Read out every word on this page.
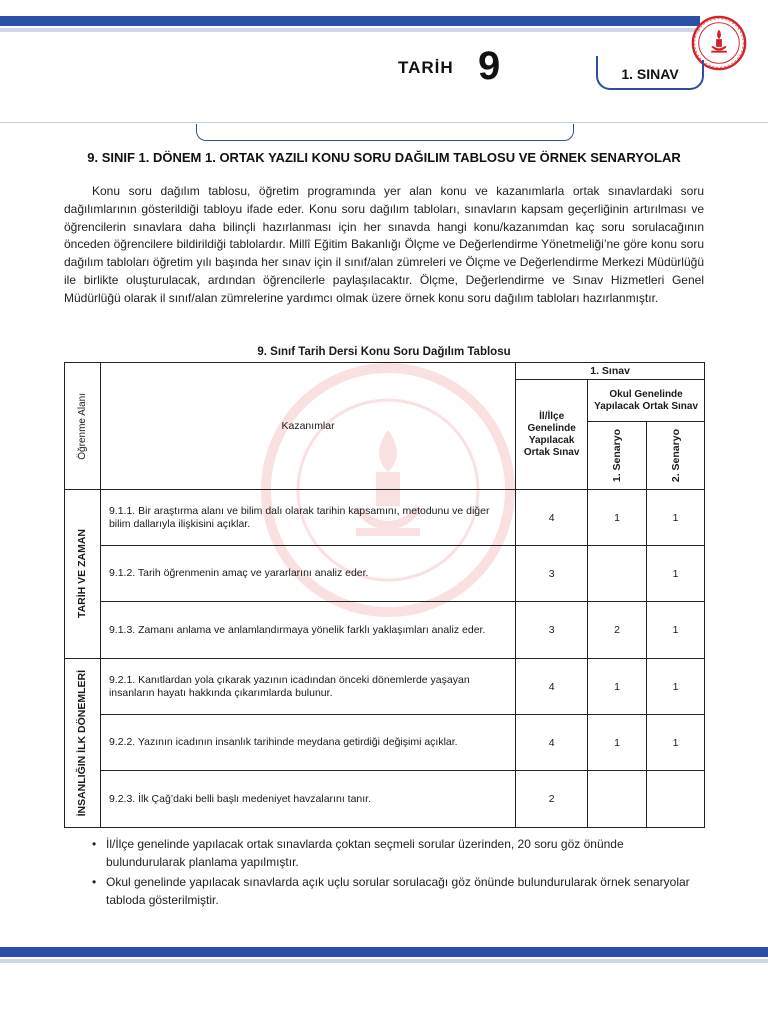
TARİH 9	1. SINAV
9. SINIF 1. DÖNEM 1. ORTAK YAZILI KONU SORU DAĞILIM TABLOSU VE ÖRNEK SENARYOLAR

Konu soru dağılım tablosu, öğretim programında yer alan konu ve kazanımlarla ortak sınavlardaki soru dağılımlarının gösterildiği tabloyu ifade eder. Konu soru dağılım tabloları, sınavların kapsam geçerliğinin artırılması ve öğrencilerin sınavlara daha bilinçli hazırlanması için her sınavda hangi konu/kazanımdan kaç soru sorulacağının önceden öğrencilere bildirildiği tablolardır. Millî Eğitim Bakanlığı Ölçme ve Değerlendirme Yönetmeliği’ne göre konu soru dağılım tabloları öğretim yılı başında her sınav için il sınıf/alan zümreleri ve Ölçme ve Değerlendirme Merkezi Müdürlüğü ile birlikte oluşturulacak, ardından öğrencilerle paylaşılacaktır. Ölçme, Değerlendirme ve Sınav Hizmetleri Genel Müdürlüğü olarak il sınıf/alan zümrelerine yardımcı olmak üzere örnek konu soru dağılım tabloları hazırlanmıştır.

9. Sınıf Tarih Dersi Konu Soru Dağılım Tablosu
Öğrenme Alanı	Kazanımlar	1. Sınav		
		İl/İlçe Genelinde Yapılacak Ortak Sınav	Okul Genelinde Yapılacak Ortak Sınav	

			1. Senaryo	2. Senaryo

TARİH VE ZAMAN	9.1.1. Bir araştırma alanı ve bilim dalı olarak tarihin kapsamını, metodunu ve diğer bilim dallarıyla ilişkisini açıklar.	4	1	1
	9.1.2. Tarih öğrenmenin amaç ve yararlarını analiz eder.	3		1
	9.1.3. Zamanı anlama ve anlamlandırmaya yönelik farklı yaklaşımları analiz eder.	3	2	1

İNSANLIĞIN İLK DÖNEMLERİ	9.2.1. Kanıtlardan yola çıkarak yazının icadından önceki dönemlerde yaşayan insanların hayatı hakkında çıkarımlarda bulunur.	4	1	1
	9.2.2. Yazının icadının insanlık tarihinde meydana getirdiği değişimi açıklar.	4	1	1
	9.2.3. İlk Çağ’daki belli başlı medeniyet havzalarını tanır.	2		
• İl/İlçe genelinde yapılacak ortak sınavlarda çoktan seçmeli sorular üzerinden, 20 soru göz önünde bulundurularak planlama yapılmıştır.
• Okul genelinde yapılacak sınavlarda açık uçlu sorular sorulacağı göz önünde bulundurularak örnek senaryolar tabloda gösterilmiştir.
